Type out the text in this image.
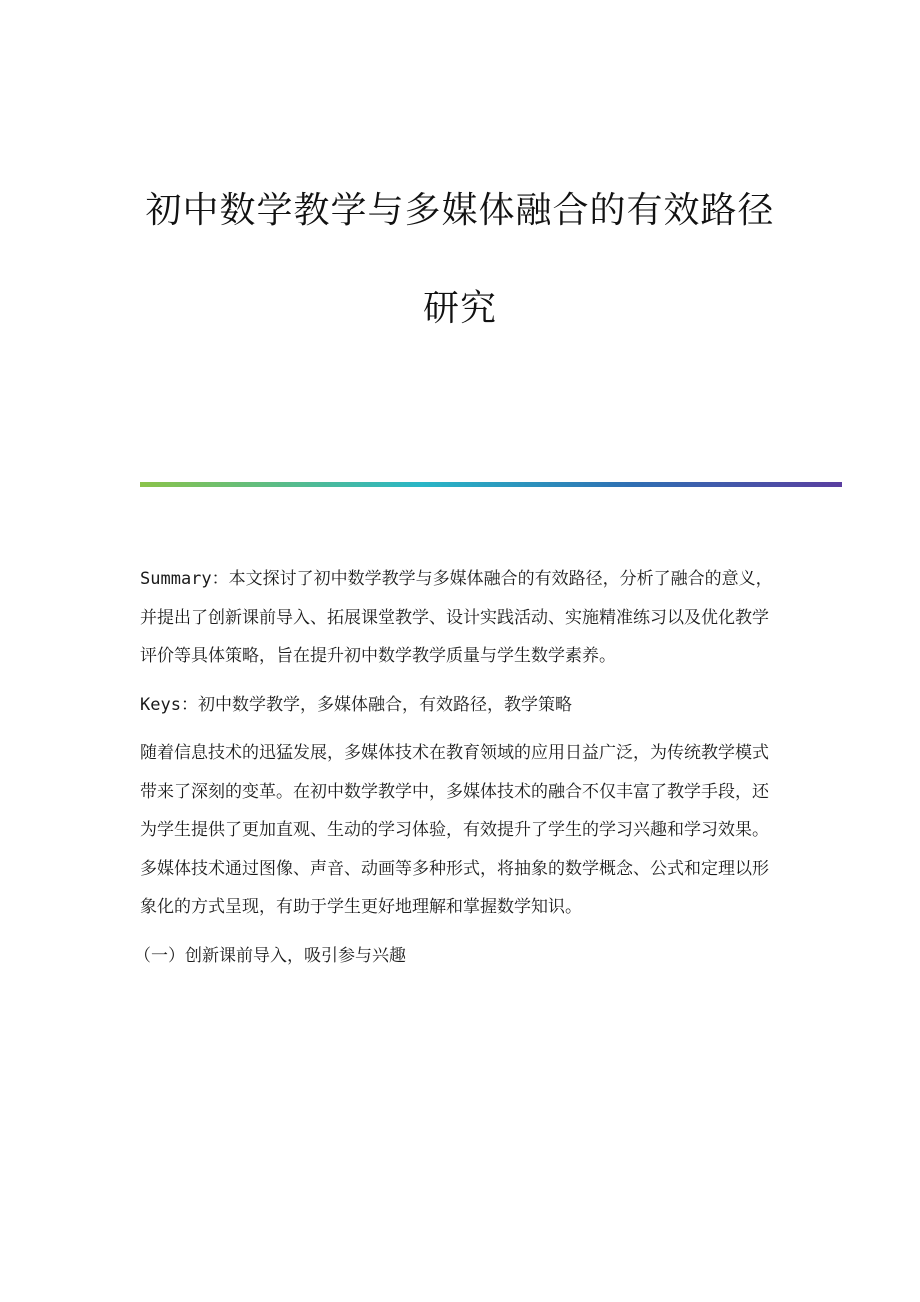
初中数学教学与多媒体融合的有效路径

研究

Summary：本文探讨了初中数学教学与多媒体融合的有效路径，分析了融合的意义，并提出了创新课前导入、拓展课堂教学、设计实践活动、实施精准练习以及优化教学评价等具体策略，旨在提升初中数学教学质量与学生数学素养。

Keys：初中数学教学，多媒体融合，有效路径，教学策略

随着信息技术的迅猛发展，多媒体技术在教育领域的应用日益广泛，为传统教学模式带来了深刻的变革。在初中数学教学中，多媒体技术的融合不仅丰富了教学手段，还为学生提供了更加直观、生动的学习体验，有效提升了学生的学习兴趣和学习效果。多媒体技术通过图像、声音、动画等多种形式，将抽象的数学概念、公式和定理以形象化的方式呈现，有助于学生更好地理解和掌握数学知识。

（一）创新课前导入，吸引参与兴趣
